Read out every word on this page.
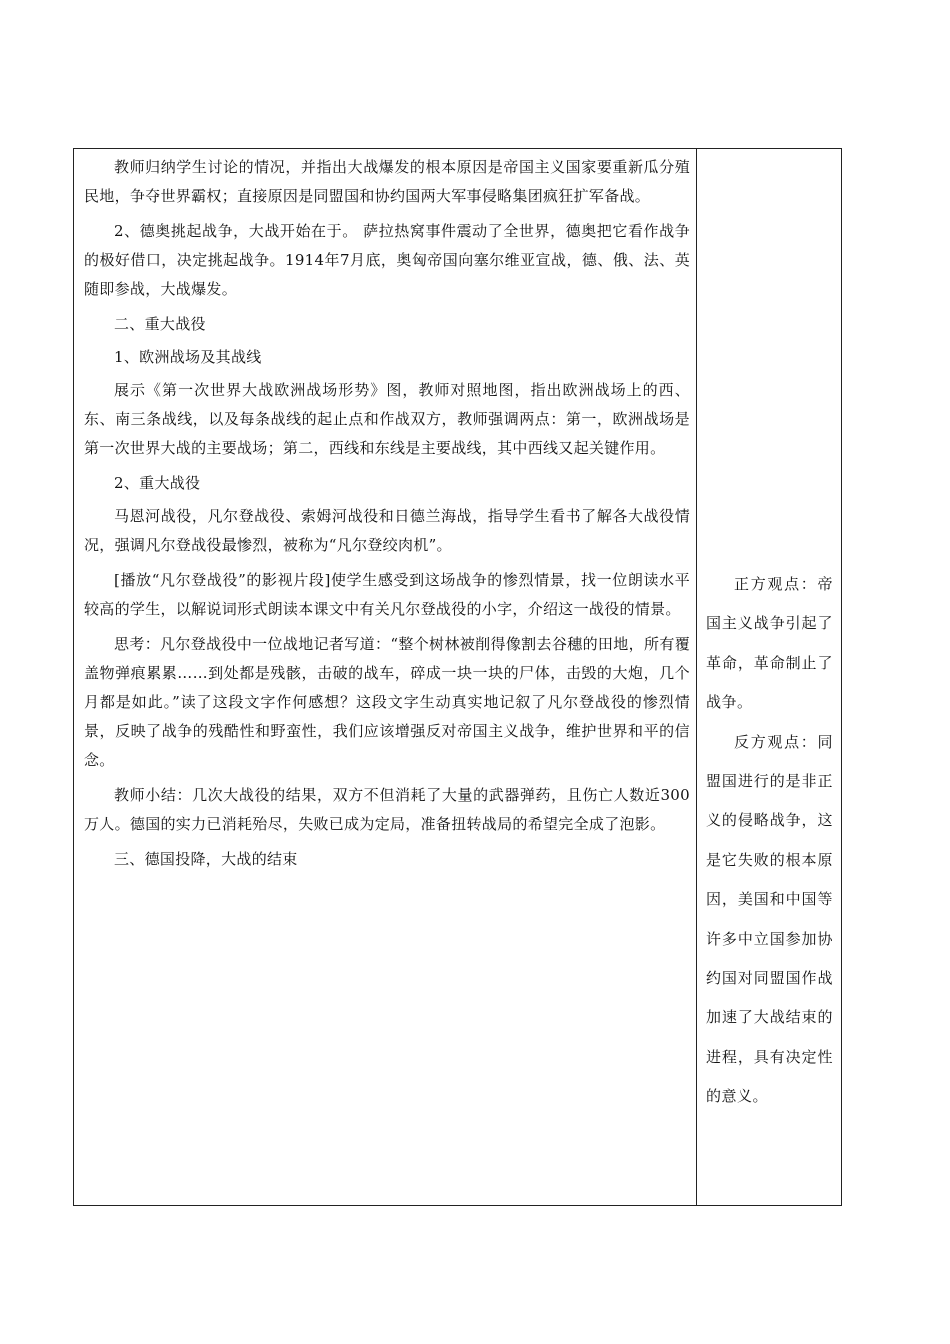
教师归纳学生讨论的情况，并指出大战爆发的根本原因是帝国主义国家要重新瓜分殖民地，争夺世界霸权；直接原因是同盟国和协约国两大军事侵略集团疯狂扩军备战。

2、德奥挑起战争，大战开始在于。 萨拉热窝事件震动了全世界，德奥把它看作战争的极好借口，决定挑起战争。1914年7月底，奥匈帝国向塞尔维亚宣战，德、俄、法、英随即参战，大战爆发。

二、重大战役

1、欧洲战场及其战线

展示《第一次世界大战欧洲战场形势》图，教师对照地图，指出欧洲战场上的西、东、南三条战线，以及每条战线的起止点和作战双方，教师强调两点：第一，欧洲战场是第一次世界大战的主要战场；第二，西线和东线是主要战线，其中西线又起关键作用。

2、重大战役

马恩河战役，凡尔登战役、索姆河战役和日德兰海战，指导学生看书了解各大战役情况，强调凡尔登战役最惨烈，被称为“凡尔登绞肉机”。

[播放“凡尔登战役”的影视片段]使学生感受到这场战争的惨烈情景，找一位朗读水平较高的学生，以解说词形式朗读本课文中有关凡尔登战役的小字，介绍这一战役的情景。

思考：凡尔登战役中一位战地记者写道：“整个树林被削得像割去谷穗的田地，所有覆盖物弹痕累累……到处都是残骸，击破的战车，碎成一块一块的尸体，击毁的大炮，几个月都是如此。”读了这段文字作何感想？这段文字生动真实地记叙了凡尔登战役的惨烈情景，反映了战争的残酷性和野蛮性，我们应该增强反对帝国主义战争，维护世界和平的信念。

教师小结：几次大战役的结果，双方不但消耗了大量的武器弹药，且伤亡人数近300万人。德国的实力已消耗殆尽，失败已成为定局，准备扭转战局的希望完全成了泡影。

三、德国投降，大战的结束

正方观点：帝国主义战争引起了革命，革命制止了战争。

反方观点：同盟国进行的是非正义的侵略战争，这是它失败的根本原因，美国和中国等许多中立国参加协约国对同盟国作战加速了大战结束的进程，具有决定性的意义。
